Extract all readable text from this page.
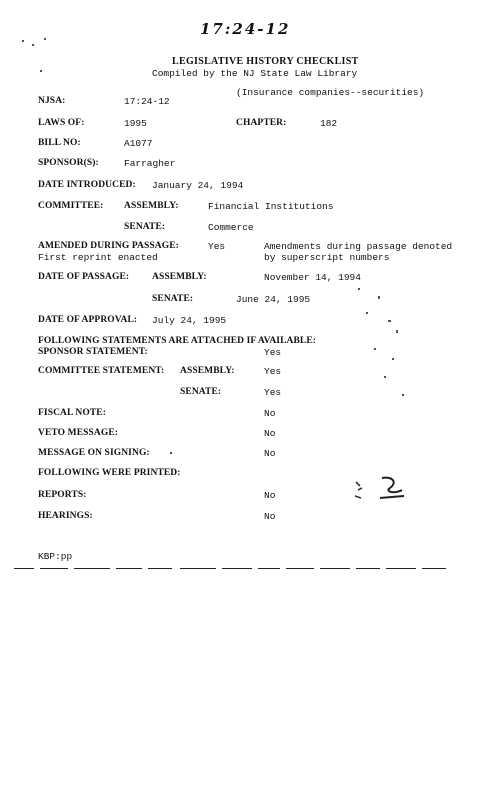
17:24-12
LEGISLATIVE HISTORY CHECKLIST
Compiled by the NJ State Law Library
(Insurance companies--securities)
NJSA:	17:24-12
LAWS OF:	1995	CHAPTER:	182
BILL NO:	A1077
SPONSOR(S):	Farragher
DATE INTRODUCED: January 24, 1994
COMMITTEE: ASSEMBLY:	Financial Institutions
SENATE:	Commerce
AMENDED DURING PASSAGE:	Yes	Amendments during passage denoted
First reprint enacted	by superscript numbers
DATE OF PASSAGE: ASSEMBLY:	November 14, 1994
SENATE:	June 24, 1995
DATE OF APPROVAL: July 24, 1995
FOLLOWING STATEMENTS ARE ATTACHED IF AVAILABLE:
SPONSOR STATEMENT:	Yes
COMMITTEE STATEMENT: ASSEMBLY:	Yes
SENATE:	Yes
FISCAL NOTE:	No
VETO MESSAGE:	No
MESSAGE ON SIGNING:	No
FOLLOWING WERE PRINTED:
REPORTS:	No
HEARINGS:	No
KBP:pp
